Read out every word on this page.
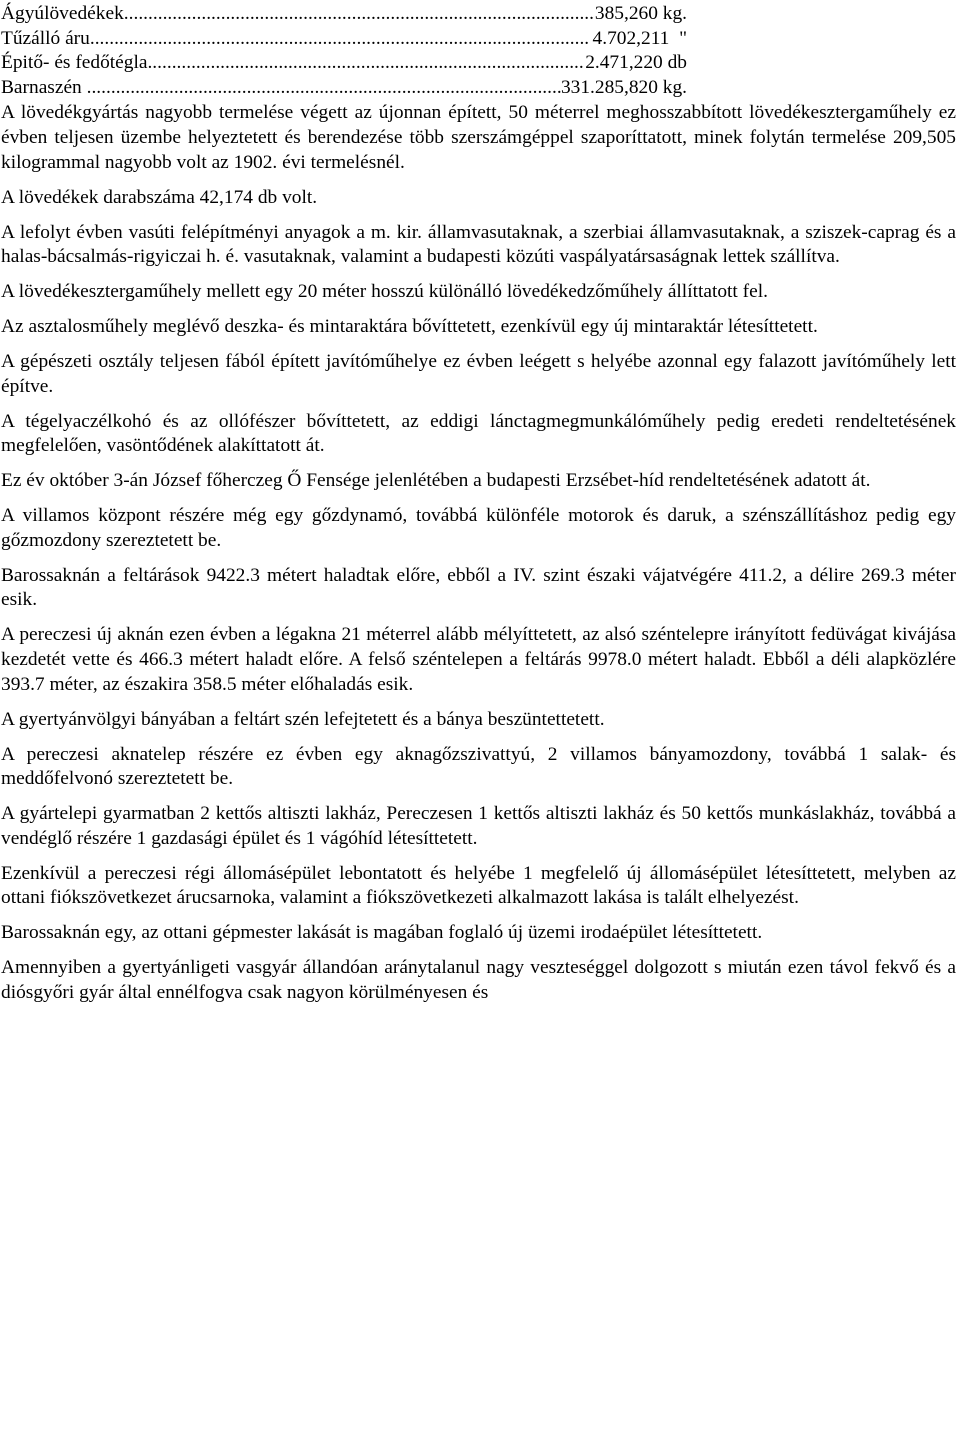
Ágyúlövedékek .....	385,260 kg.
Tűzálló áru .....	4.702,211  "
Épitő- és fedőtégla .....	2.471,220 db
Barnaszén .....	331.285,820 kg.

A lövedékgyártás nagyobb termelése végett az újonnan épített, 50 méterrel meghosszabbított lövedékesztergaműhely ez évben teljesen üzembe helyeztetett és berendezése több szerszámgéppel szaporíttatott, minek folytán termelése 209,505 kilogrammal nagyobb volt az 1902. évi termelésnél.

A lövedékek darabszáma 42,174 db volt.

A lefolyt évben vasúti felépítményi anyagok a m. kir. államvasutaknak, a szerbiai államvasutaknak, a sziszek-caprag és a halas-bácsalmás-rigyiczai h. é. vasutaknak, valamint a budapesti közúti vaspályatársaságnak lettek szállítva.

A lövedékesztergaműhely mellett egy 20 méter hosszú különálló lövedékedzőműhely állíttatott fel.

Az asztalosműhely meglévő deszka- és mintaraktára bővíttetett, ezenkívül egy új mintaraktár létesíttetett.

A gépészeti osztály teljesen fából épített javítóműhelye ez évben leégett s helyébe azonnal egy falazott javítóműhely lett építve.

A tégelyaczélkohó és az ollófészer bővíttetett, az eddigi lánctagmegmunkálóműhely pedig eredeti rendeltetésének megfelelően, vasöntődének alakíttatott át.

Ez év október 3-án József főherczeg Ő Fensége jelenlétében a budapesti Erzsébet-híd rendeltetésének adatott át.

A villamos központ részére még egy gőzdynamó, továbbá különféle motorok és daruk, a szénszállításhoz pedig egy gőzmozdony szereztetett be.

Barossaknán a feltárások 9422.3 métert haladtak előre, ebből a IV. szint északi vájatvégére 411.2, a délire 269.3 méter esik.

A pereczesi új aknán ezen évben a légakna 21 méterrel alább mélyíttetett, az alsó széntelepre irányított fedüvágat kivájása kezdetét vette és 466.3 métert haladt előre. A felső széntelepen a feltárás 9978.0 métert haladt. Ebből a déli alapközlére 393.7 méter, az északira 358.5 méter előhaladás esik.

A gyertyánvölgyi bányában a feltárt szén lefejtetett és a bánya beszüntettetett.

A pereczesi aknatelep részére ez évben egy aknagőzszivattyú, 2 villamos bányamozdony, továbbá 1 salak- és meddőfelvonó szereztetett be.

A gyártelepi gyarmatban 2 kettős altiszti lakház, Pereczesen 1 kettős altiszti lakház és 50 kettős munkáslakház, továbbá a vendéglő részére 1 gazdasági épület és 1 vágóhíd létesíttetett.

Ezenkívül a pereczesi régi állomásépület lebontatott és helyébe 1 megfelelő új állomásépület létesíttetett, melyben az ottani fiókszövetkezet árucsarnoka, valamint a fiókszövetkezeti alkalmazott lakása is talált elhelyezést.

Barossaknán egy, az ottani gépmester lakását is magában foglaló új üzemi irodaépület létesíttetett.

Amennyiben a gyertyánligeti vasgyár állandóan aránytalanul nagy veszteséggel dolgozott s miután ezen távol fekvő és a diósgyőri gyár által ennélfogva csak nagyon körülményesen és
